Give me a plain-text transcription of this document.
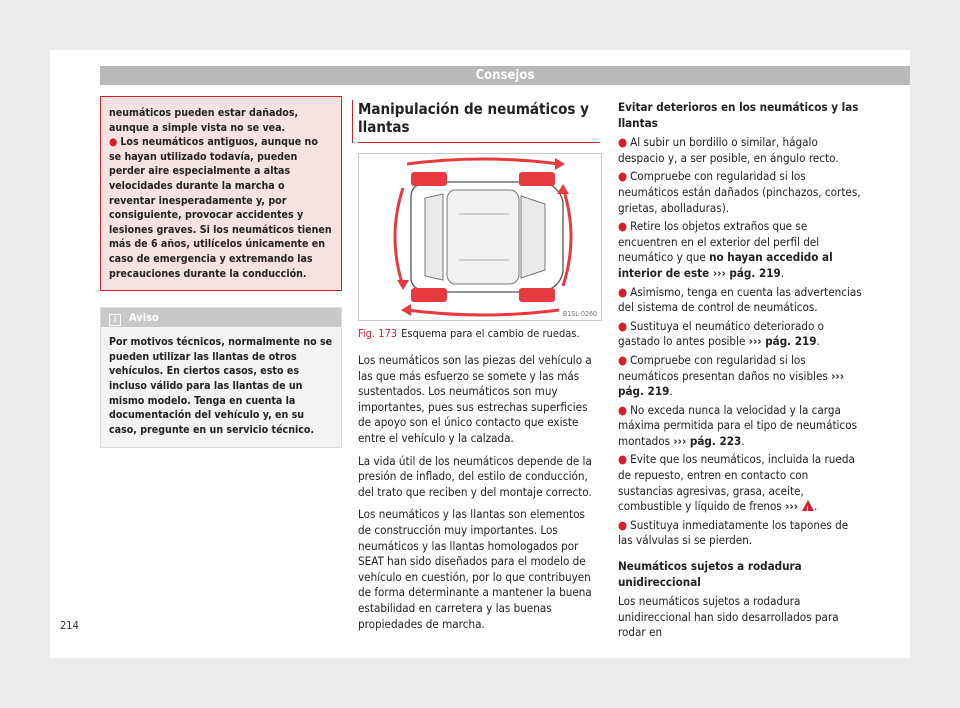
Consejos

neumáticos pueden estar dañados, aunque a simple vista no se vea.

● Los neumáticos antiguos, aunque no se hayan utilizado todavía, pueden perder aire especialmente a altas velocidades durante la marcha o reventar inesperadamente y, por consiguiente, provocar accidentes y lesiones graves. Si los neumáticos tienen más de 6 años, utilícelos únicamente en caso de emergencia y extremando las precauciones durante la conducción.

i Aviso
Por motivos técnicos, normalmente no se pueden utilizar las llantas de otros vehículos. En ciertos casos, esto es incluso válido para las llantas de un mismo modelo. Tenga en cuenta la documentación del vehículo y, en su caso, pregunte en un servicio técnico.
Manipulación de neumáticos y llantas
B1SL-0260
Fig. 173 Esquema para el cambio de ruedas.

Los neumáticos son las piezas del vehículo a las que más esfuerzo se somete y las más sustentados. Los neumáticos son muy importantes, pues sus estrechas superficies de apoyo son el único contacto que existe entre el vehículo y la calzada.

La vida útil de los neumáticos depende de la presión de inflado, del estilo de conducción, del trato que reciben y del montaje correcto.

Los neumáticos y las llantas son elementos de construcción muy importantes. Los neumáticos y las llantas homologados por SEAT han sido diseñados para el modelo de vehículo en cuestión, por lo que contribuyen de forma determinante a mantener la buena estabilidad en carretera y las buenas propiedades de marcha.

Evitar deterioros en los neumáticos y las llantas

● Al subir un bordillo o similar, hágalo despacio y, a ser posible, en ángulo recto.

● Compruebe con regularidad si los neumáticos están dañados (pinchazos, cortes, grietas, abolladuras).

● Retire los objetos extraños que se encuentren en el exterior del perfil del neumático y que no hayan accedido al interior de este ››› pág. 219.

● Asimismo, tenga en cuenta las advertencias del sistema de control de neumáticos.

● Sustituya el neumático deteriorado o gastado lo antes posible ››› pág. 219.

● Compruebe con regularidad si los neumáticos presentan daños no visibles ››› pág. 219.

● No exceda nunca la velocidad y la carga máxima permitida para el tipo de neumáticos montados ››› pág. 223.

● Evite que los neumáticos, incluida la rueda de repuesto, entren en contacto con sustancias agresivas, grasa, aceite, combustible y líquido de frenos ›››! .

● Sustituya inmediatamente los tapones de las válvulas si se pierden.

Neumáticos sujetos a rodadura unidireccional

Los neumáticos sujetos a rodadura unidireccional han sido desarrollados para rodar en

214
